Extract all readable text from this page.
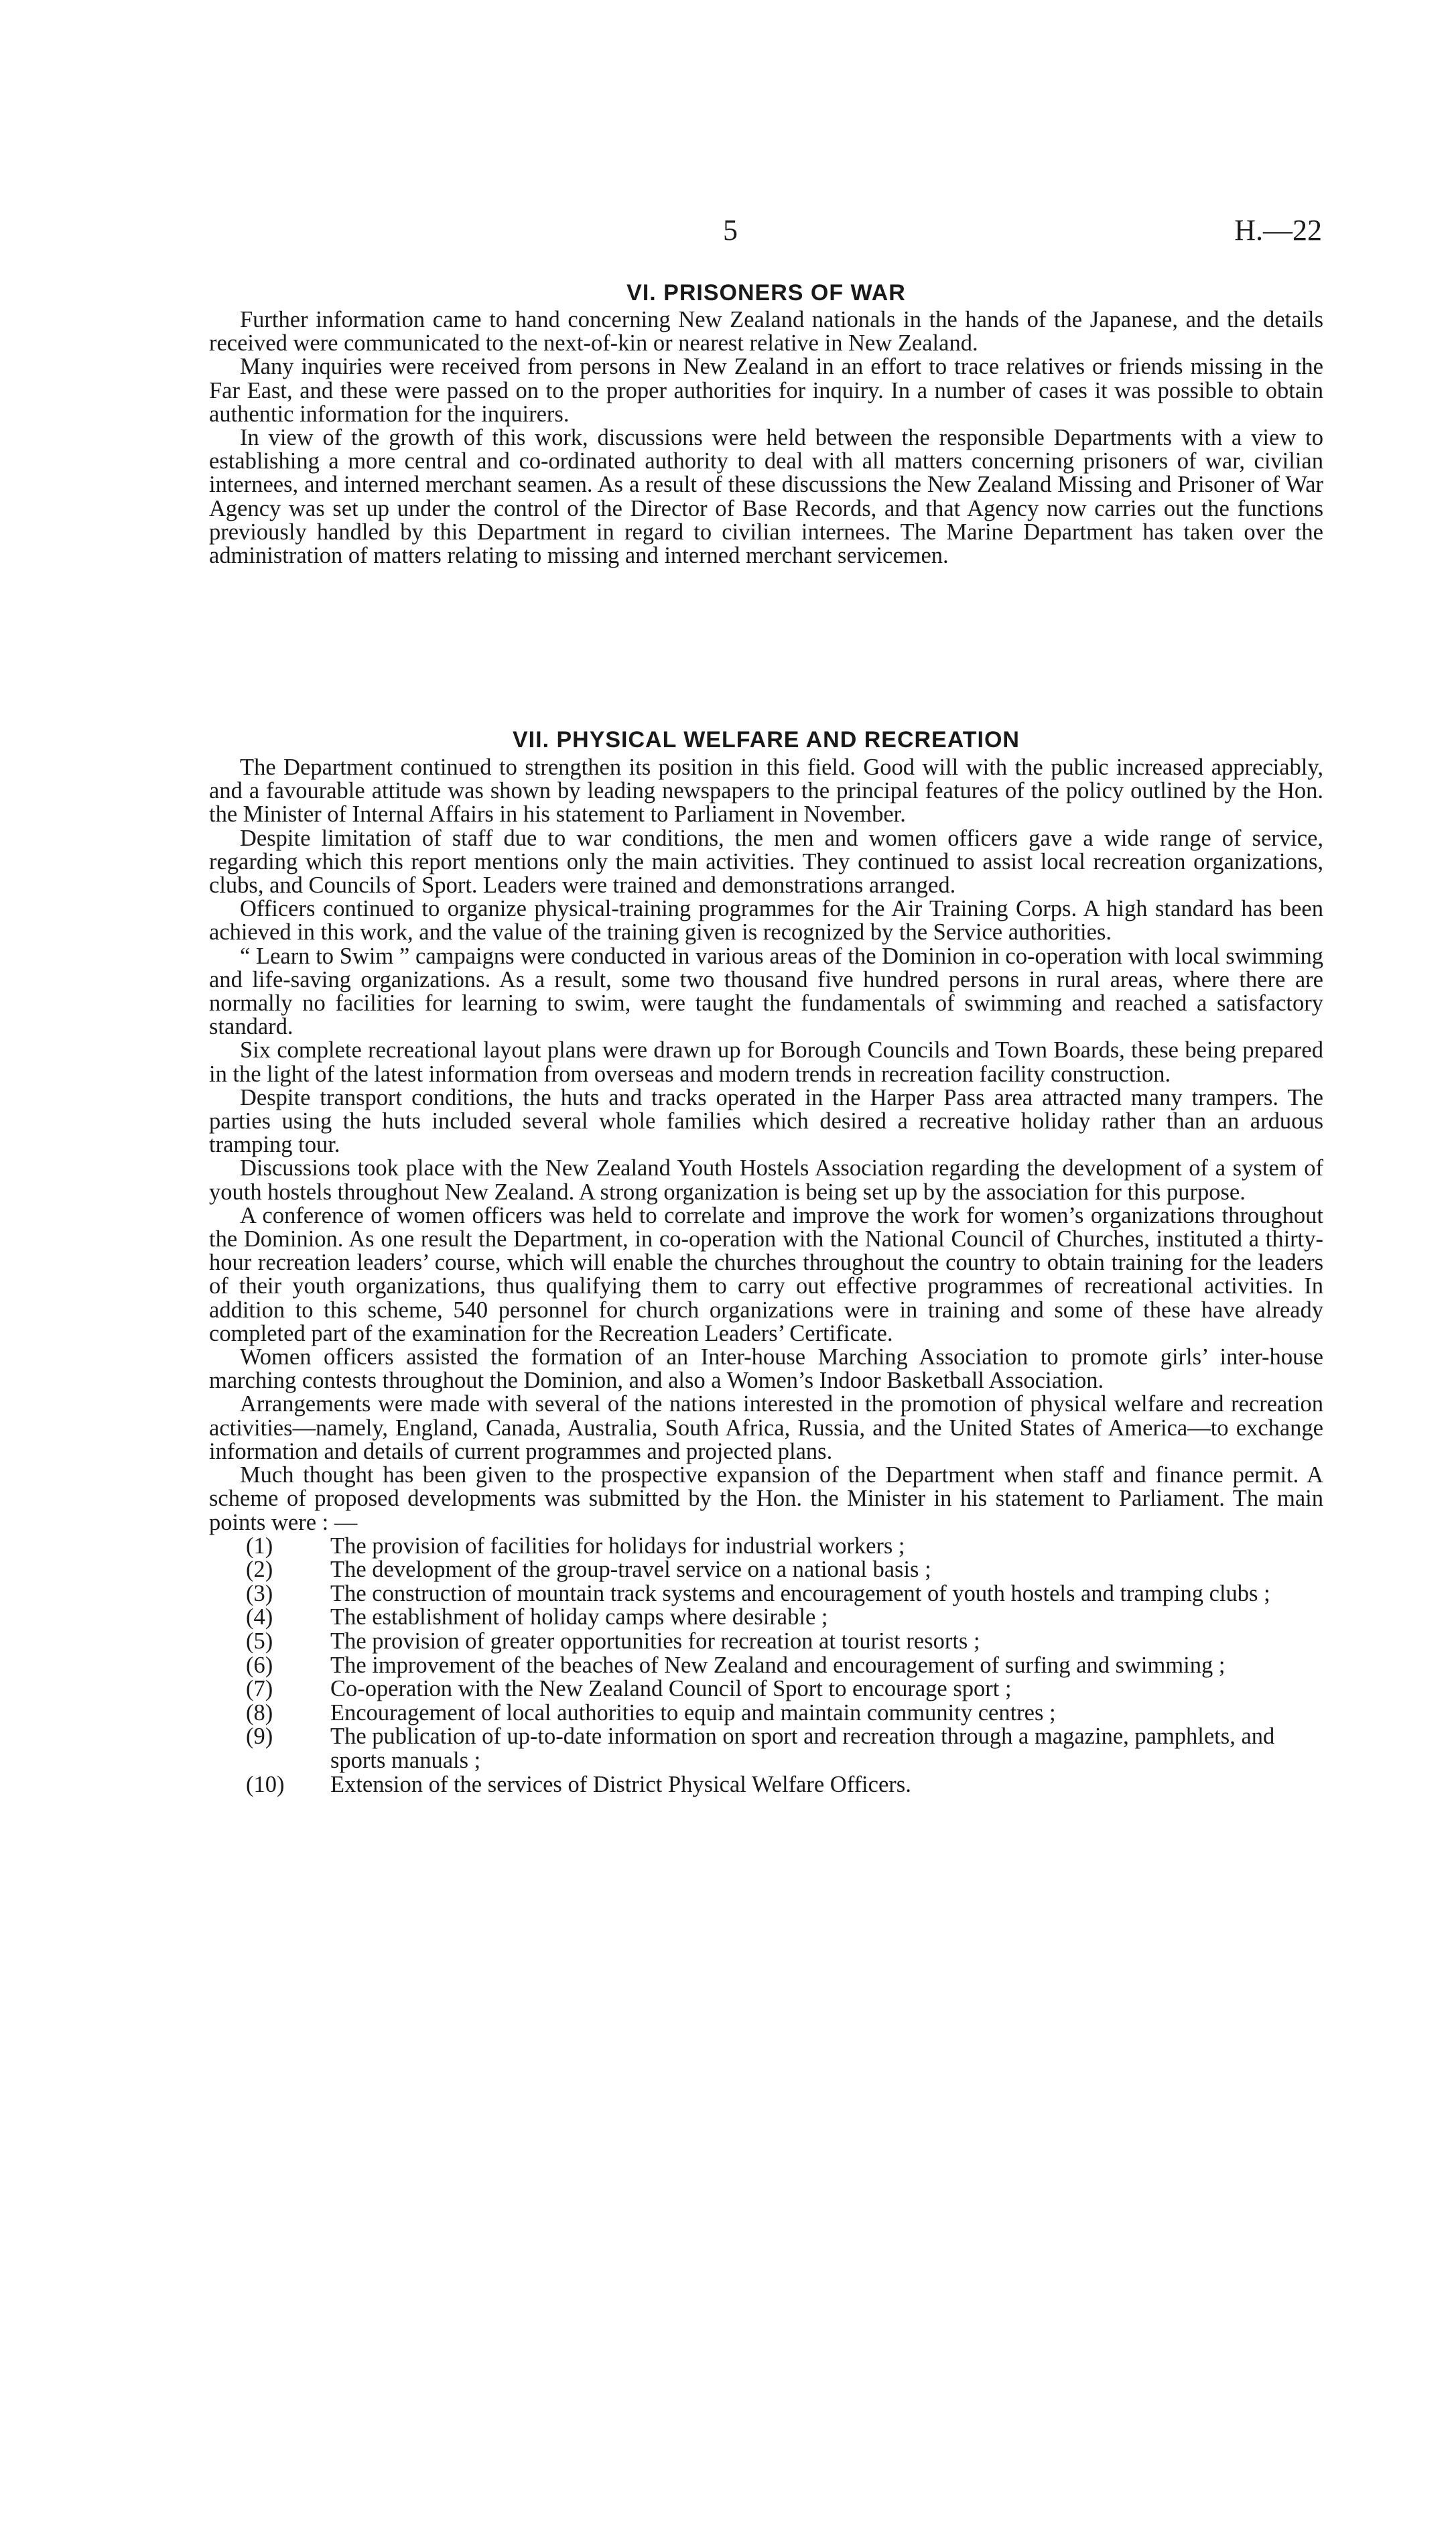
5	H.—22
VI. PRISONERS OF WAR

Further information came to hand concerning New Zealand nationals in the hands of the Japanese, and the details received were communicated to the next-of-kin or nearest relative in New Zealand.

Many inquiries were received from persons in New Zealand in an effort to trace relatives or friends missing in the Far East, and these were passed on to the proper authorities for inquiry. In a number of cases it was possible to obtain authentic information for the inquirers.

In view of the growth of this work, discussions were held between the responsible Departments with a view to establishing a more central and co-ordinated authority to deal with all matters concerning prisoners of war, civilian internees, and interned merchant seamen. As a result of these discussions the New Zealand Missing and Prisoner of War Agency was set up under the control of the Director of Base Records, and that Agency now carries out the functions previously handled by this Department in regard to civilian internees. The Marine Department has taken over the administration of matters relating to missing and interned merchant servicemen.

VII. PHYSICAL WELFARE AND RECREATION

The Department continued to strengthen its position in this field. Good will with the public increased appreciably, and a favourable attitude was shown by leading newspapers to the principal features of the policy outlined by the Hon. the Minister of Internal Affairs in his statement to Parliament in November.

Despite limitation of staff due to war conditions, the men and women officers gave a wide range of service, regarding which this report mentions only the main activities. They continued to assist local recreation organizations, clubs, and Councils of Sport. Leaders were trained and demonstrations arranged.

Officers continued to organize physical-training programmes for the Air Training Corps. A high standard has been achieved in this work, and the value of the training given is recognized by the Service authorities.

“ Learn to Swim ” campaigns were conducted in various areas of the Dominion in co-operation with local swimming and life-saving organizations. As a result, some two thousand five hundred persons in rural areas, where there are normally no facilities for learning to swim, were taught the fundamentals of swimming and reached a satisfactory standard.

Six complete recreational layout plans were drawn up for Borough Councils and Town Boards, these being prepared in the light of the latest information from overseas and modern trends in recreation facility construction.

Despite transport conditions, the huts and tracks operated in the Harper Pass area attracted many trampers. The parties using the huts included several whole families which desired a recreative holiday rather than an arduous tramping tour.

Discussions took place with the New Zealand Youth Hostels Association regarding the development of a system of youth hostels throughout New Zealand. A strong organization is being set up by the association for this purpose.

A conference of women officers was held to correlate and improve the work for women’s organizations throughout the Dominion. As one result the Department, in co-operation with the National Council of Churches, instituted a thirty-hour recreation leaders’ course, which will enable the churches throughout the country to obtain training for the leaders of their youth organizations, thus qualifying them to carry out effective programmes of recreational activities. In addition to this scheme, 540 personnel for church organizations were in training and some of these have already completed part of the examination for the Recreation Leaders’ Certificate.

Women officers assisted the formation of an Inter-house Marching Association to promote girls’ inter-house marching contests throughout the Dominion, and also a Women’s Indoor Basketball Association.

Arrangements were made with several of the nations interested in the promotion of physical welfare and recreation activities—namely, England, Canada, Australia, South Africa, Russia, and the United States of America—to exchange information and details of current programmes and projected plans.

Much thought has been given to the prospective expansion of the Department when staff and finance permit. A scheme of proposed developments was submitted by the Hon. the Minister in his statement to Parliament. The main points were : —

(1)	The provision of facilities for holidays for industrial workers ;
(2)	The development of the group-travel service on a national basis ;
(3)	The construction of mountain track systems and encouragement of youth hostels and tramping clubs ;
(4)	The establishment of holiday camps where desirable ;
(5)	The provision of greater opportunities for recreation at tourist resorts ;
(6)	The improvement of the beaches of New Zealand and encouragement of surfing and swimming ;
(7)	Co-operation with the New Zealand Council of Sport to encourage sport ;
(8)	Encouragement of local authorities to equip and maintain community centres ;
(9)	The publication of up-to-date information on sport and recreation through a magazine, pamphlets, and sports manuals ;
(10)	Extension of the services of District Physical Welfare Officers.
